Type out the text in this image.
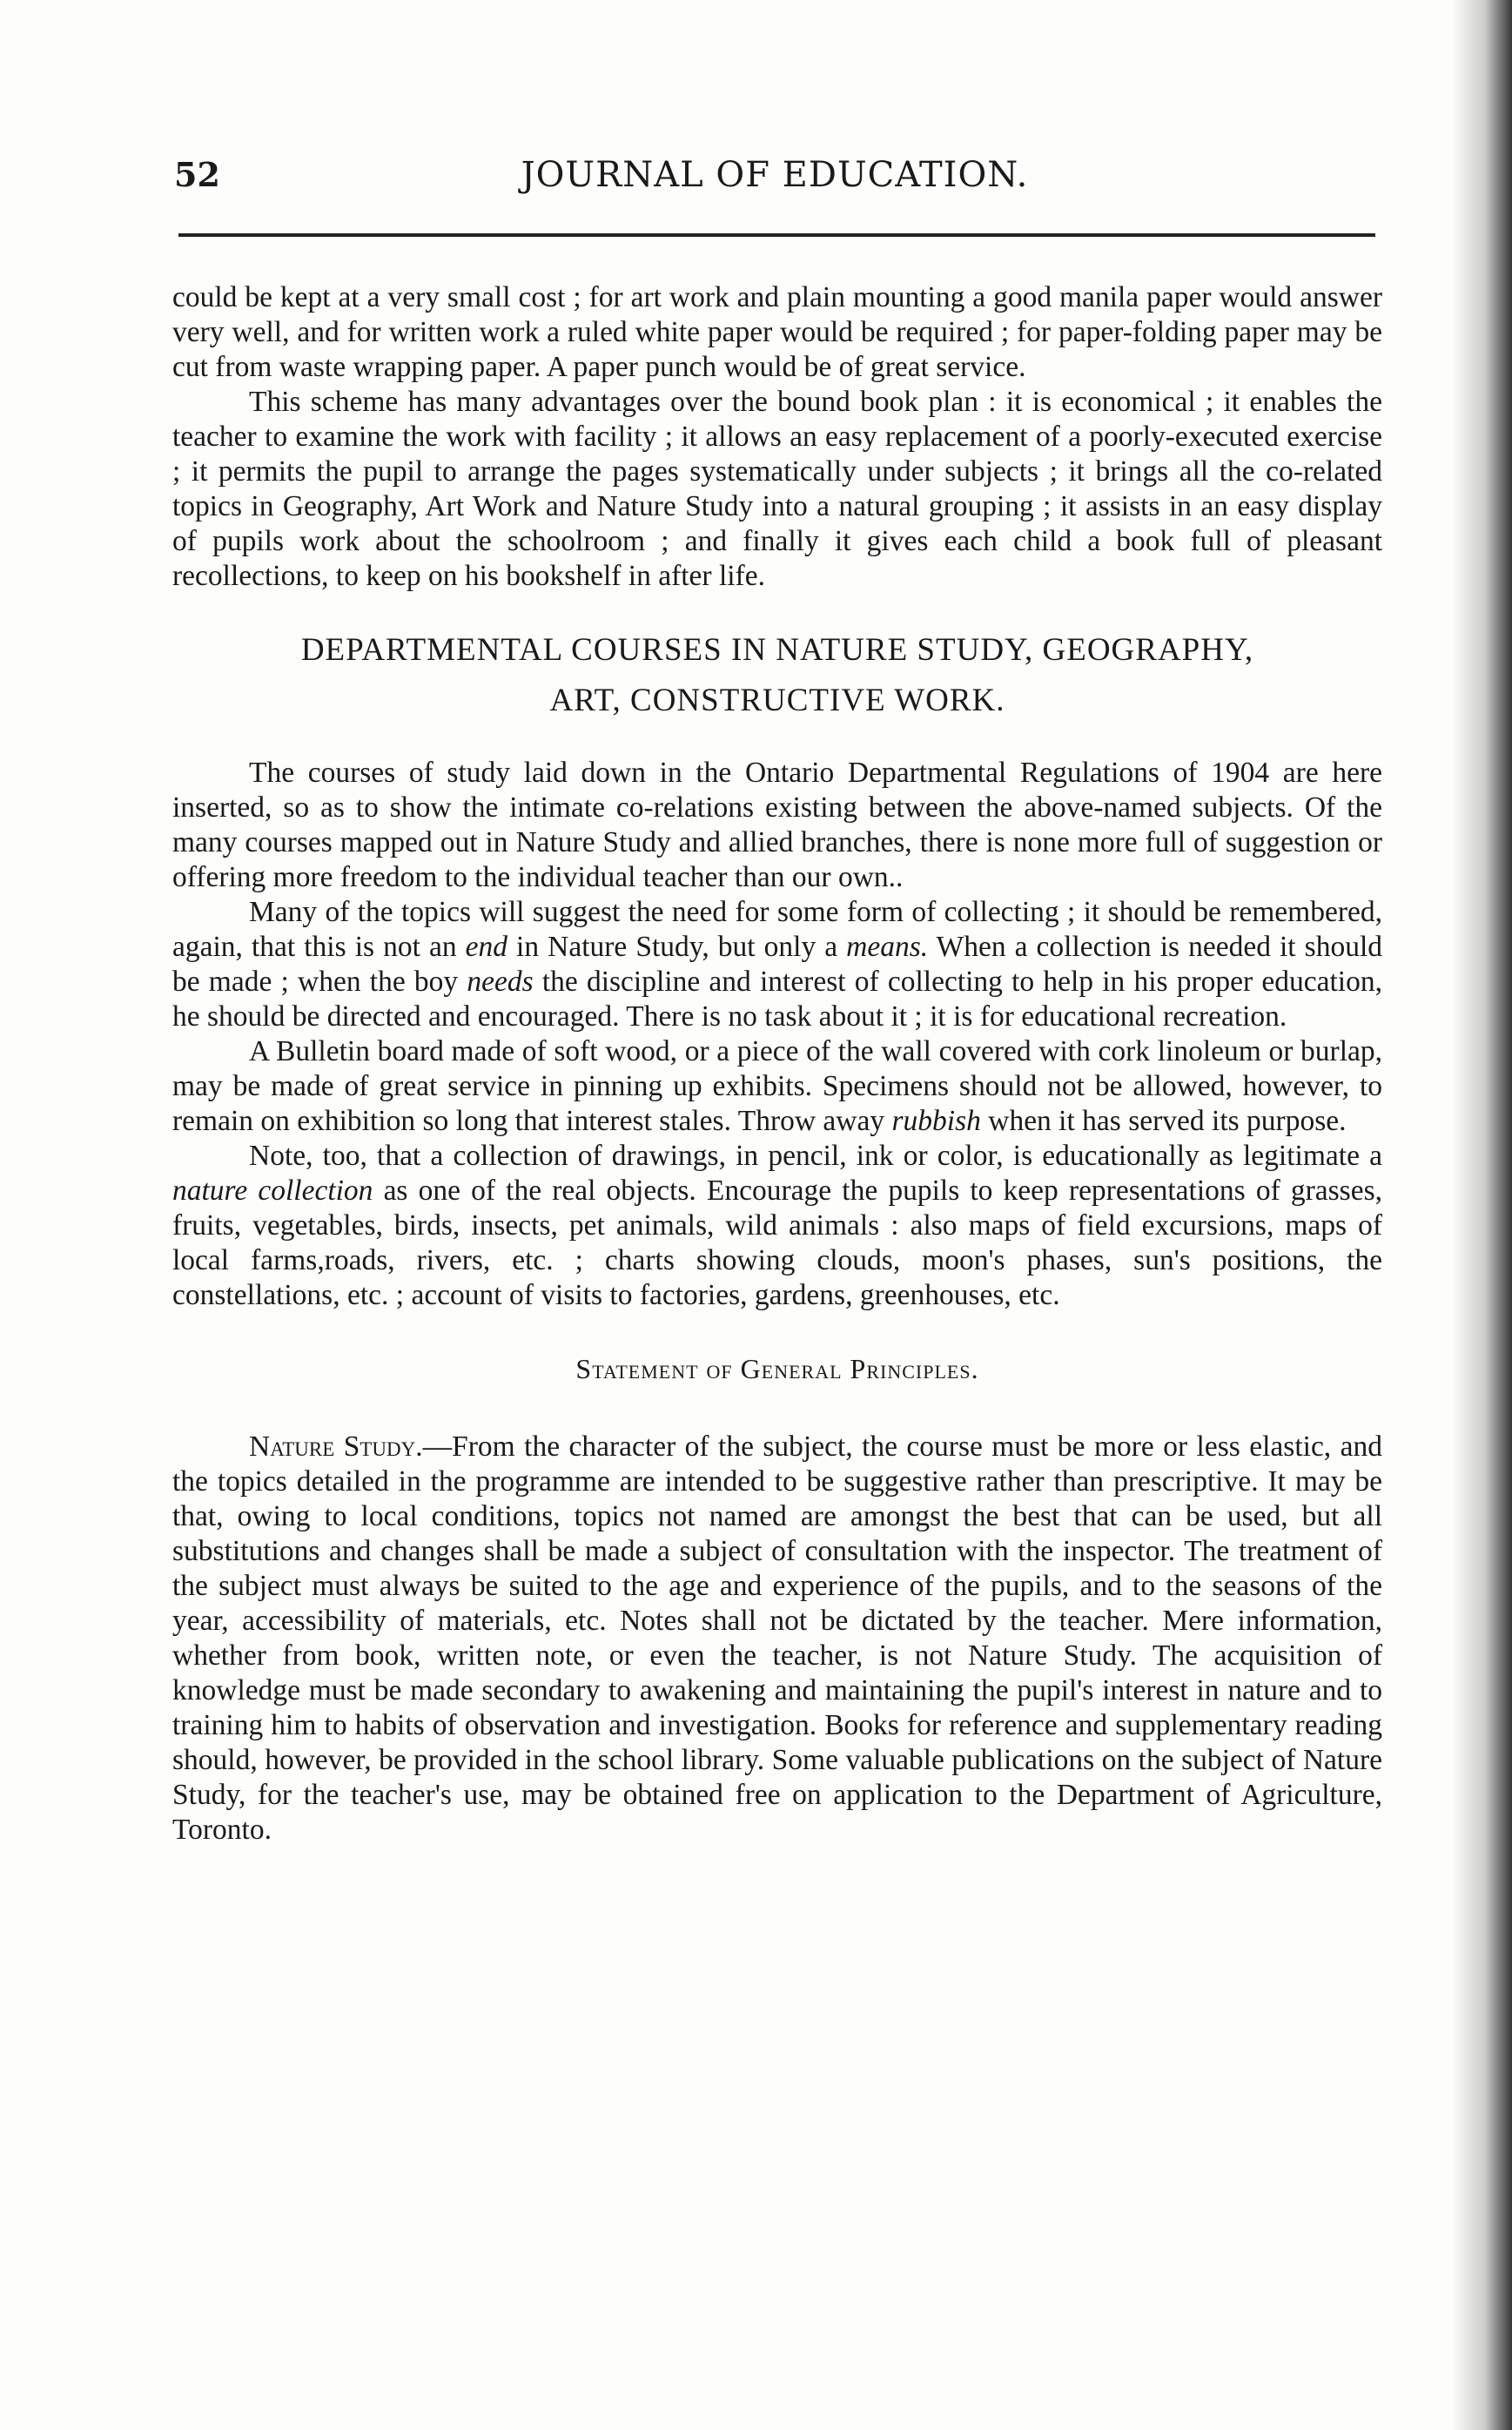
52	JOURNAL OF EDUCATION.

could be kept at a very small cost ; for art work and plain mounting a good manila paper would answer very well, and for written work a ruled white paper would be required ; for paper-folding paper may be cut from waste wrapping paper. A paper punch would be of great service.

This scheme has many advantages over the bound book plan : it is economical ; it enables the teacher to examine the work with facility ; it allows an easy replacement of a poorly-executed exercise ; it permits the pupil to arrange the pages systematically under subjects ; it brings all the co-related topics in Geography, Art Work and Nature Study into a natural grouping ; it assists in an easy display of pupils work about the schoolroom ; and finally it gives each child a book full of pleasant recollections, to keep on his bookshelf in after life.

DEPARTMENTAL COURSES IN NATURE STUDY, GEOGRAPHY,
ART, CONSTRUCTIVE WORK.

The courses of study laid down in the Ontario Departmental Regulations of 1904 are here inserted, so as to show the intimate co-relations existing between the above-named subjects. Of the many courses mapped out in Nature Study and allied branches, there is none more full of suggestion or offering more freedom to the individual teacher than our own..

Many of the topics will suggest the need for some form of collecting ; it should be remembered, again, that this is not an end in Nature Study, but only a means. When a collection is needed it should be made ; when the boy needs the discipline and interest of collecting to help in his proper education, he should be directed and encouraged. There is no task about it ; it is for educational recreation.

A Bulletin board made of soft wood, or a piece of the wall covered with cork linoleum or burlap, may be made of great service in pinning up exhibits. Specimens should not be allowed, however, to remain on exhibition so long that interest stales. Throw away rubbish when it has served its purpose.

Note, too, that a collection of drawings, in pencil, ink or color, is educationally as legitimate a nature collection as one of the real objects. Encourage the pupils to keep representations of grasses, fruits, vegetables, birds, insects, pet animals, wild animals : also maps of field excursions, maps of local farms,roads, rivers, etc. ; charts showing clouds, moon's phases, sun's positions, the constellations, etc. ; account of visits to factories, gardens, greenhouses, etc.

Statement of General Principles.

Nature Study.—From the character of the subject, the course must be more or less elastic, and the topics detailed in the programme are intended to be suggestive rather than prescriptive. It may be that, owing to local conditions, topics not named are amongst the best that can be used, but all substitutions and changes shall be made a subject of consultation with the inspector. The treatment of the subject must always be suited to the age and experience of the pupils, and to the seasons of the year, accessibility of materials, etc. Notes shall not be dictated by the teacher. Mere information, whether from book, written note, or even the teacher, is not Nature Study. The acquisition of knowledge must be made secondary to awakening and maintaining the pupil's interest in nature and to training him to habits of observation and investigation. Books for reference and supplementary reading should, however, be provided in the school library. Some valuable publications on the subject of Nature Study, for the teacher's use, may be obtained free on application to the Department of Agriculture, Toronto.
